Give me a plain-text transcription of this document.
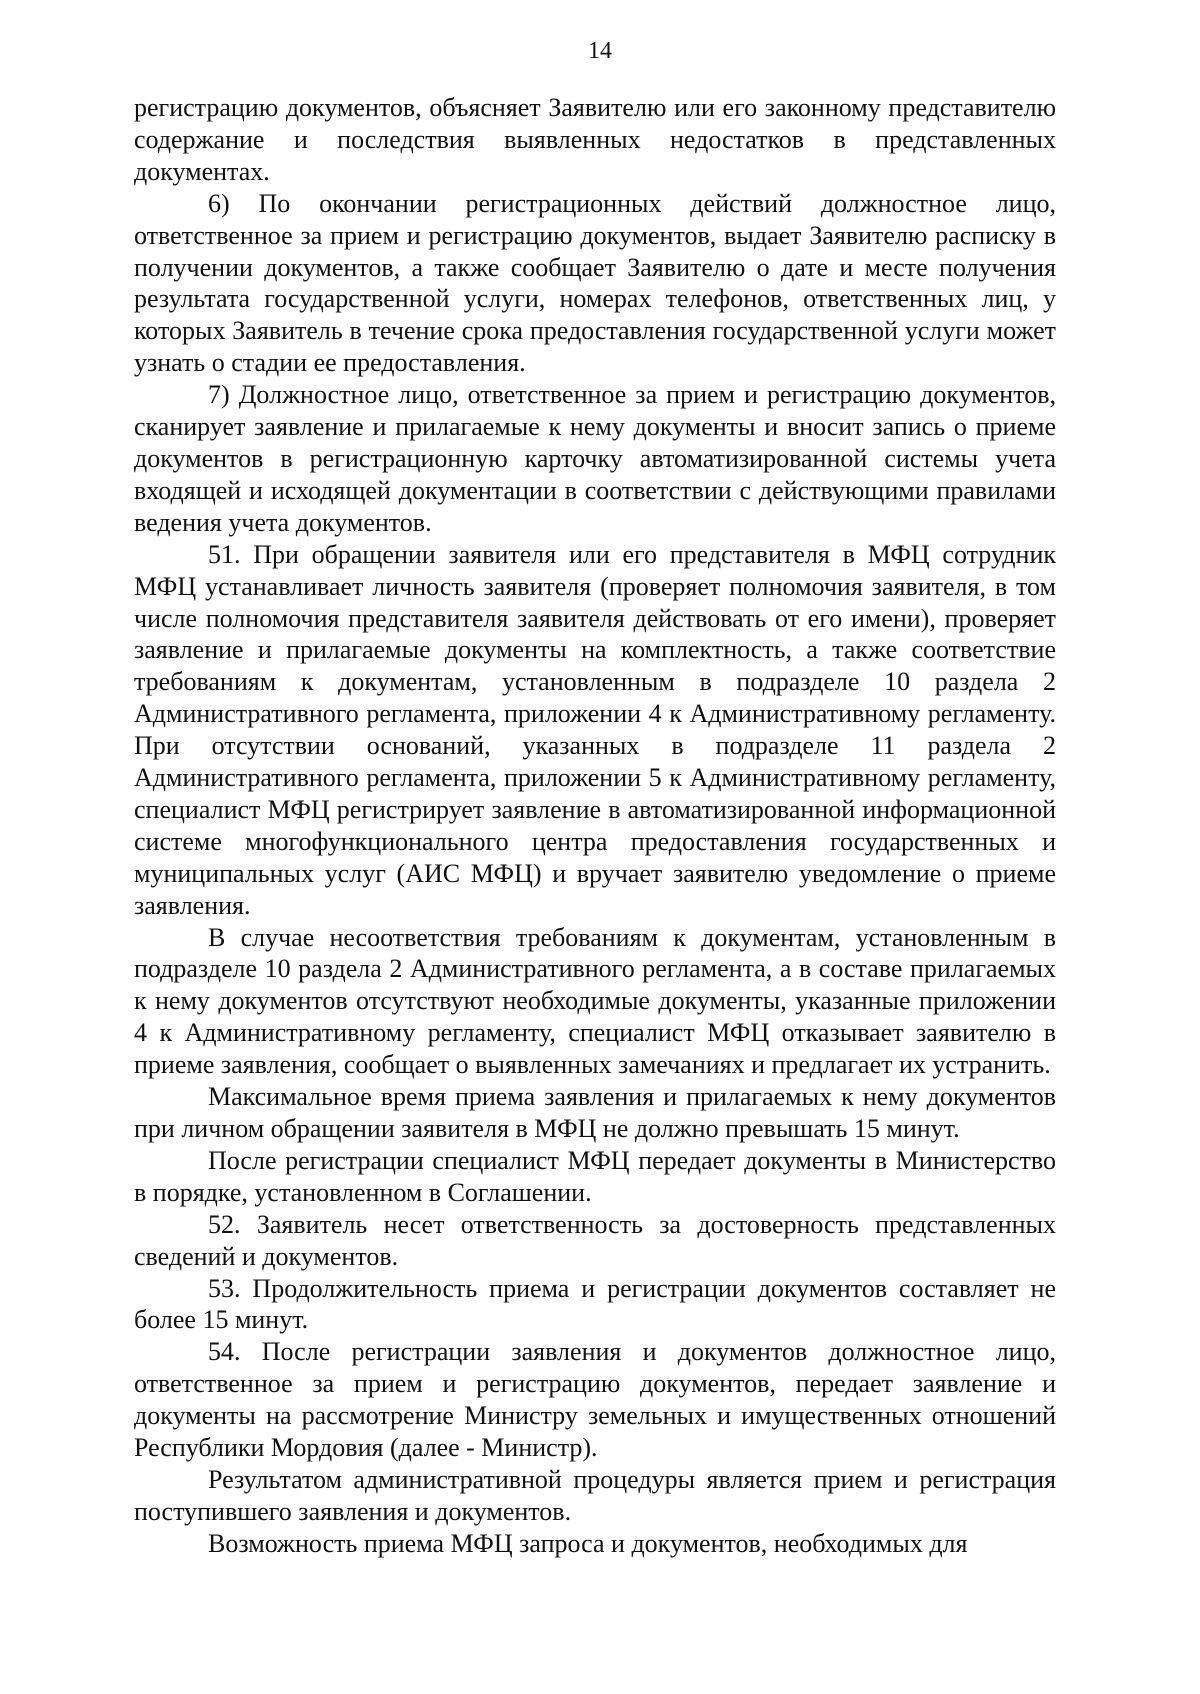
14

регистрацию документов, объясняет Заявителю или его законному представителю содержание и последствия выявленных недостатков в представленных документах.

6) По окончании регистрационных действий должностное лицо, ответственное за прием и регистрацию документов, выдает Заявителю расписку в получении документов, а также сообщает Заявителю о дате и месте получения результата государственной услуги, номерах телефонов, ответственных лиц, у которых Заявитель в течение срока предоставления государственной услуги может узнать о стадии ее предоставления.

7) Должностное лицо, ответственное за прием и регистрацию документов, сканирует заявление и прилагаемые к нему документы и вносит запись о приеме документов в регистрационную карточку автоматизированной системы учета входящей и исходящей документации в соответствии с действующими правилами ведения учета документов.

51. При обращении заявителя или его представителя в МФЦ сотрудник МФЦ устанавливает личность заявителя (проверяет полномочия заявителя, в том числе полномочия представителя заявителя действовать от его имени), проверяет заявление и прилагаемые документы на комплектность, а также соответствие требованиям к документам, установленным в подразделе 10 раздела 2 Административного регламента, приложении 4 к Административному регламенту. При отсутствии оснований, указанных в подразделе 11 раздела 2 Административного регламента, приложении 5 к Административному регламенту, специалист МФЦ регистрирует заявление в автоматизированной информационной системе многофункционального центра предоставления государственных и муниципальных услуг (АИС МФЦ) и вручает заявителю уведомление о приеме заявления.

В случае несоответствия требованиям к документам, установленным в подразделе 10 раздела 2 Административного регламента, а в составе прилагаемых к нему документов отсутствуют необходимые документы, указанные приложении 4 к Административному регламенту, специалист МФЦ отказывает заявителю в приеме заявления, сообщает о выявленных замечаниях и предлагает их устранить.

Максимальное время приема заявления и прилагаемых к нему документов при личном обращении заявителя в МФЦ не должно превышать 15 минут.

После регистрации специалист МФЦ передает документы в Министерство в порядке, установленном в Соглашении.

52. Заявитель несет ответственность за достоверность представленных сведений и документов.

53. Продолжительность приема и регистрации документов составляет не более 15 минут.

54. После регистрации заявления и документов должностное лицо, ответственное за прием и регистрацию документов, передает заявление и документы на рассмотрение Министру земельных и имущественных отношений Республики Мордовия (далее - Министр).

Результатом административной процедуры является прием и регистрация поступившего заявления и документов.

Возможность приема МФЦ запроса и документов, необходимых для
